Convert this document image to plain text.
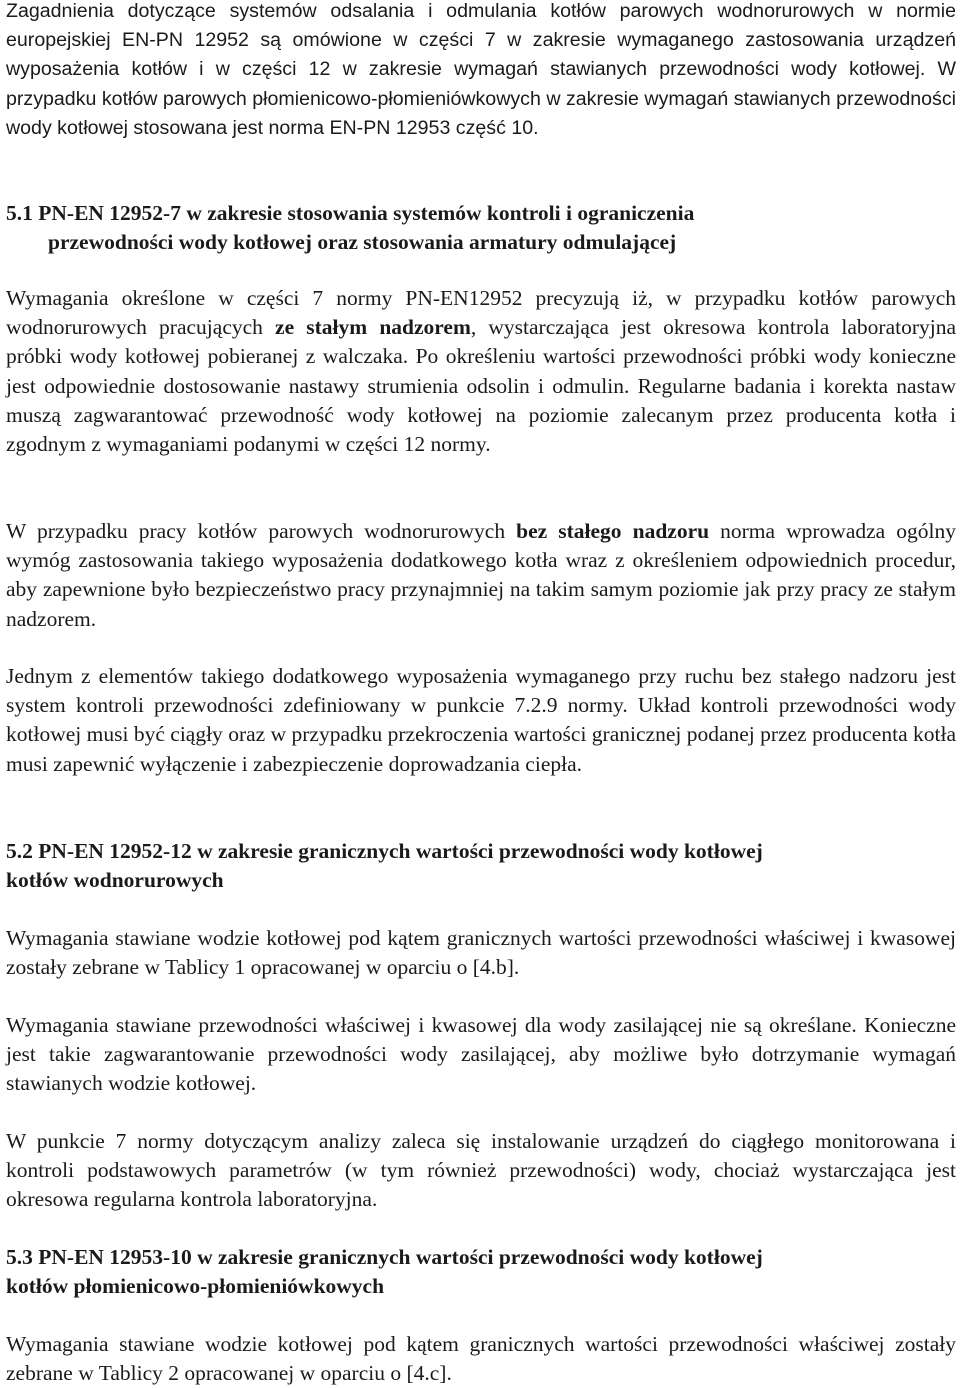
Zagadnienia dotyczące systemów odsalania i odmulania kotłów parowych wodnorurowych w normie europejskiej EN-PN 12952 są omówione w części 7 w zakresie wymaganego zastosowania urządzeń wyposażenia kotłów i w części 12 w zakresie wymagań stawianych przewodności wody kotłowej. W przypadku kotłów parowych płomienicowo-płomieniówkowych w zakresie wymagań stawianych przewodności wody kotłowej stosowana jest norma EN-PN 12953 część 10.

5.1 PN-EN 12952-7 w zakresie stosowania systemów kontroli i ograniczenia
przewodności wody kotłowej oraz stosowania armatury odmulającej

Wymagania określone w części 7 normy PN-EN12952 precyzują iż, w przypadku kotłów parowych wodnorurowych pracujących ze stałym nadzorem, wystarczająca jest okresowa kontrola laboratoryjna próbki wody kotłowej pobieranej z walczaka. Po określeniu wartości przewodności próbki wody konieczne jest odpowiednie dostosowanie nastawy strumienia odsolin i odmulin. Regularne badania i korekta nastaw muszą zagwarantować przewodność wody kotłowej na poziomie zalecanym przez producenta kotła i zgodnym z wymaganiami podanymi w części 12 normy.

W przypadku pracy kotłów parowych wodnorurowych bez stałego nadzoru norma wprowadza ogólny wymóg zastosowania takiego wyposażenia dodatkowego kotła wraz z określeniem odpowiednich procedur, aby zapewnione było bezpieczeństwo pracy przynajmniej na takim samym poziomie jak przy pracy ze stałym nadzorem.

Jednym z elementów takiego dodatkowego wyposażenia wymaganego przy ruchu bez stałego nadzoru jest system kontroli przewodności zdefiniowany w punkcie 7.2.9 normy. Układ kontroli przewodności wody kotłowej musi być ciągły oraz w przypadku przekroczenia wartości granicznej podanej przez producenta kotła musi zapewnić wyłączenie i zabezpieczenie doprowadzania ciepła.

5.2 PN-EN 12952-12 w zakresie granicznych wartości przewodności wody kotłowej
kotłów wodnorurowych

Wymagania stawiane wodzie kotłowej pod kątem granicznych wartości przewodności właściwej i kwasowej zostały zebrane w Tablicy 1 opracowanej w oparciu o [4.b].

Wymagania stawiane przewodności właściwej i kwasowej dla wody zasilającej nie są określane. Konieczne jest takie zagwarantowanie przewodności wody zasilającej, aby możliwe było dotrzymanie wymagań stawianych wodzie kotłowej.

W punkcie 7 normy dotyczącym analizy zaleca się instalowanie urządzeń do ciągłego monitorowana i kontroli podstawowych parametrów (w tym również przewodności) wody, chociaż wystarczająca jest okresowa regularna kontrola laboratoryjna.

5.3 PN-EN 12953-10 w zakresie granicznych wartości przewodności wody kotłowej
kotłów płomienicowo-płomieniówkowych

Wymagania stawiane wodzie kotłowej pod kątem granicznych wartości przewodności właściwej zostały zebrane w Tablicy 2 opracowanej w oparciu o [4.c].
